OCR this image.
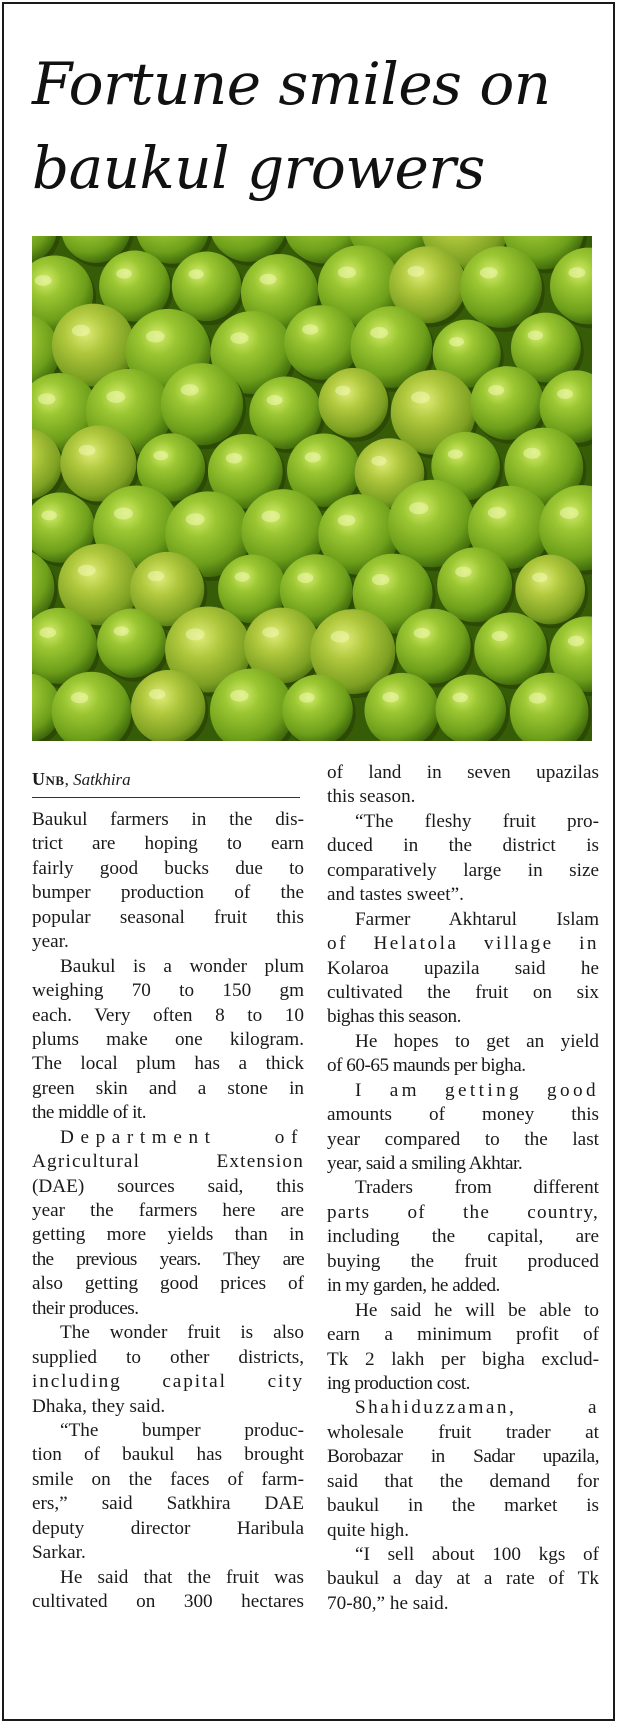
Fortune smiles on
baukul growers
Unb, Satkhira
Baukul farmers in the dis-
trict are hoping to earn
fairly good bucks due to
bumper production of the
popular seasonal fruit this
year.
Baukul is a wonder plum
weighing 70 to 150 gm
each. Very often 8 to 10
plums make one kilogram.
The local plum has a thick
green skin and a stone in
the middle of it.
Department of
Agricultural Extension
(DAE) sources said, this
year the farmers here are
getting more yields than in
the previous years. They are
also getting good prices of
their produces.
The wonder fruit is also
supplied to other districts,
including capital city
Dhaka, they said.
“The bumper produc-
tion of baukul has brought
smile on the faces of farm-
ers,” said Satkhira DAE
deputy director Haribula
Sarkar.
He said that the fruit was
cultivated on 300 hectares
of land in seven upazilas
this season.
“The fleshy fruit pro-
duced in the district is
comparatively large in size
and tastes sweet”.
Farmer Akhtarul Islam
of Helatola village in
Kolaroa upazila said he
cultivated the fruit on six
bighas this season.
He hopes to get an yield
of 60-65 maunds per bigha.
I am getting good
amounts of money this
year compared to the last
year, said a smiling Akhtar.
Traders from different
parts of the country,
including the capital, are
buying the fruit produced
in my garden, he added.
He said he will be able to
earn a minimum profit of
Tk 2 lakh per bigha exclud-
ing production cost.
Shahiduzzaman, a
wholesale fruit trader at
Borobazar in Sadar upazila,
said that the demand for
baukul in the market is
quite high.
“I sell about 100 kgs of
baukul a day at a rate of Tk
70-80,” he said.
